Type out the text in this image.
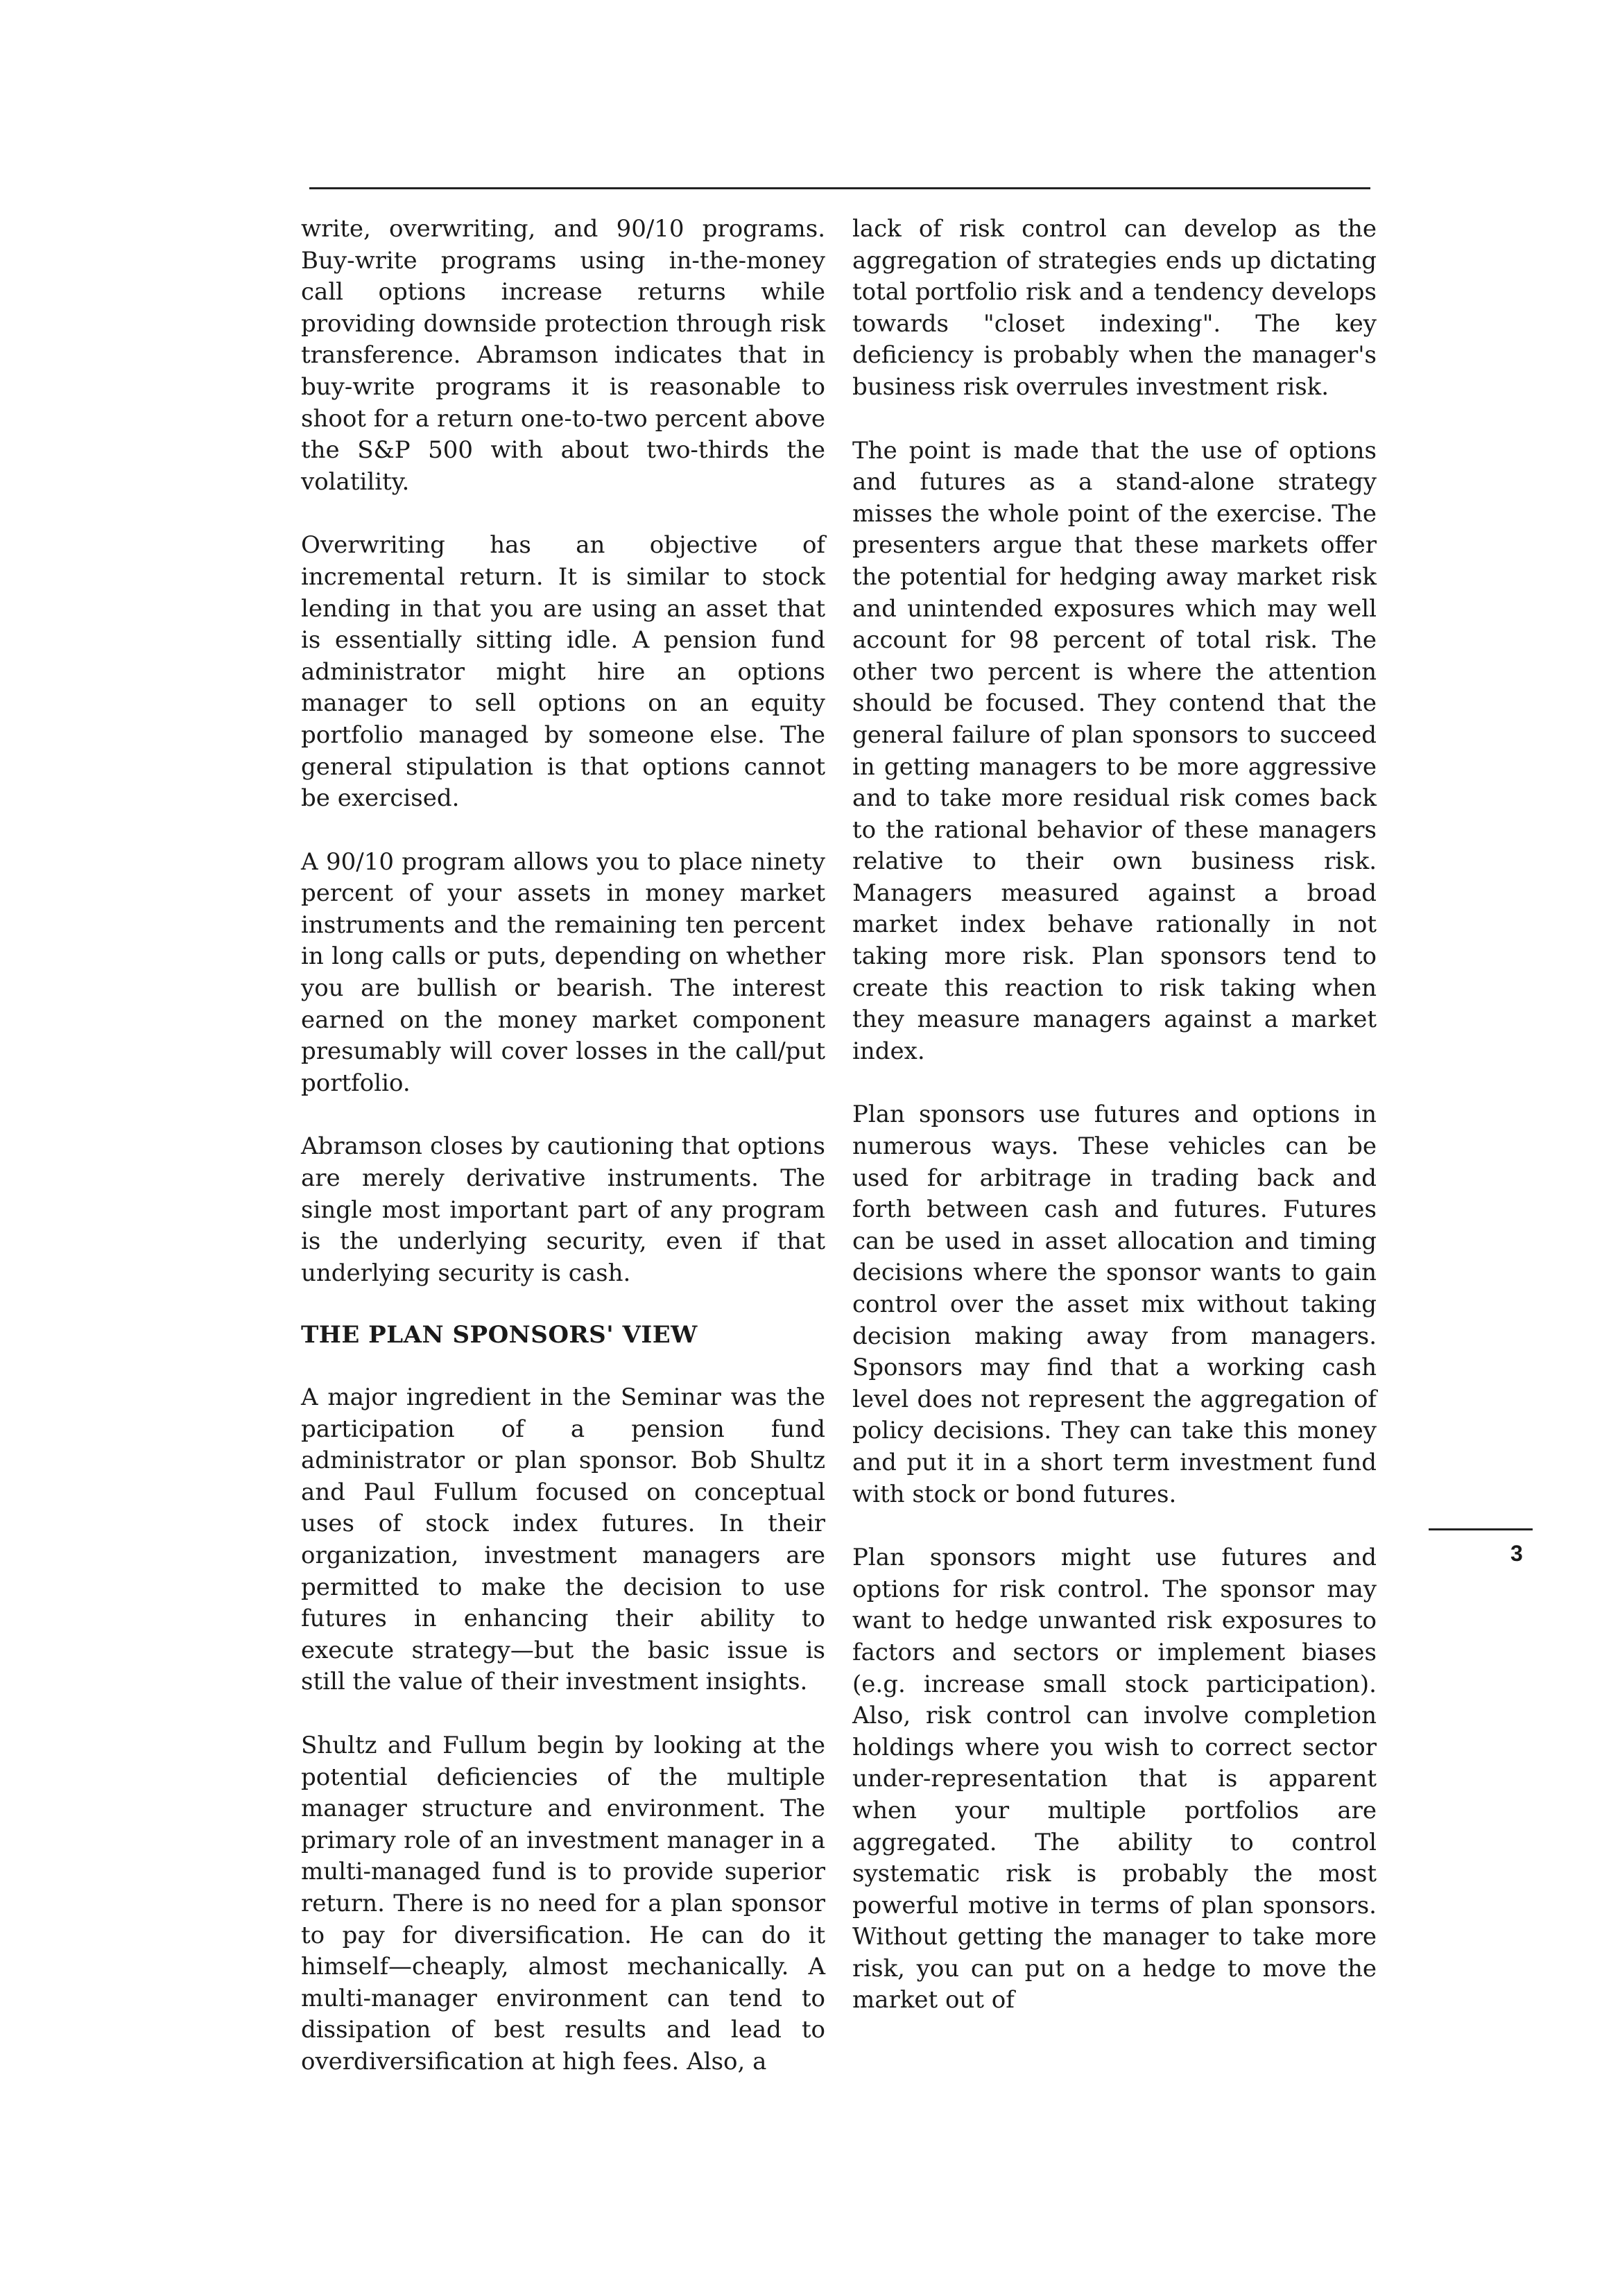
write, overwriting, and 90/10 programs. Buy-write programs using in-the-money call options increase returns while providing downside protection through risk transference. Abramson indicates that in buy-write programs it is reasonable to shoot for a return one-to-two percent above the S&P 500 with about two-thirds the volatility.

Overwriting has an objective of incremental return. It is similar to stock lending in that you are using an asset that is essentially sitting idle. A pension fund administrator might hire an options manager to sell options on an equity portfolio managed by someone else. The general stipulation is that options cannot be exercised.

A 90/10 program allows you to place ninety percent of your assets in money market instruments and the remaining ten percent in long calls or puts, depending on whether you are bullish or bearish. The interest earned on the money market component presumably will cover losses in the call/put portfolio.

Abramson closes by cautioning that options are merely derivative instruments. The single most important part of any program is the underlying security, even if that underlying security is cash.

THE PLAN SPONSORS' VIEW

A major ingredient in the Seminar was the participation of a pension fund administrator or plan sponsor. Bob Shultz and Paul Fullum focused on conceptual uses of stock index futures. In their organization, investment managers are permitted to make the decision to use futures in enhancing their ability to execute strategy—but the basic issue is still the value of their investment insights.

Shultz and Fullum begin by looking at the potential deficiencies of the multiple manager structure and environment. The primary role of an investment manager in a multi-managed fund is to provide superior return. There is no need for a plan sponsor to pay for diversification. He can do it himself—cheaply, almost mechanically. A multi-manager environment can tend to dissipation of best results and lead to overdiversification at high fees. Also, a

lack of risk control can develop as the aggregation of strategies ends up dictating total portfolio risk and a tendency develops towards "closet indexing". The key deficiency is probably when the manager's business risk overrules investment risk.

The point is made that the use of options and futures as a stand-alone strategy misses the whole point of the exercise. The presenters argue that these markets offer the potential for hedging away market risk and unintended exposures which may well account for 98 percent of total risk. The other two percent is where the attention should be focused. They contend that the general failure of plan sponsors to succeed in getting managers to be more aggressive and to take more residual risk comes back to the rational behavior of these managers relative to their own business risk. Managers measured against a broad market index behave rationally in not taking more risk. Plan sponsors tend to create this reaction to risk taking when they measure managers against a market index.

Plan sponsors use futures and options in numerous ways. These vehicles can be used for arbitrage in trading back and forth between cash and futures. Futures can be used in asset allocation and timing decisions where the sponsor wants to gain control over the asset mix without taking decision making away from managers. Sponsors may find that a working cash level does not represent the aggregation of policy decisions. They can take this money and put it in a short term investment fund with stock or bond futures.

Plan sponsors might use futures and options for risk control. The sponsor may want to hedge unwanted risk exposures to factors and sectors or implement biases (e.g. increase small stock participation). Also, risk control can involve completion holdings where you wish to correct sector under-representation that is apparent when your multiple portfolios are aggregated. The ability to control systematic risk is probably the most powerful motive in terms of plan sponsors. Without getting the manager to take more risk, you can put on a hedge to move the market out of

3
